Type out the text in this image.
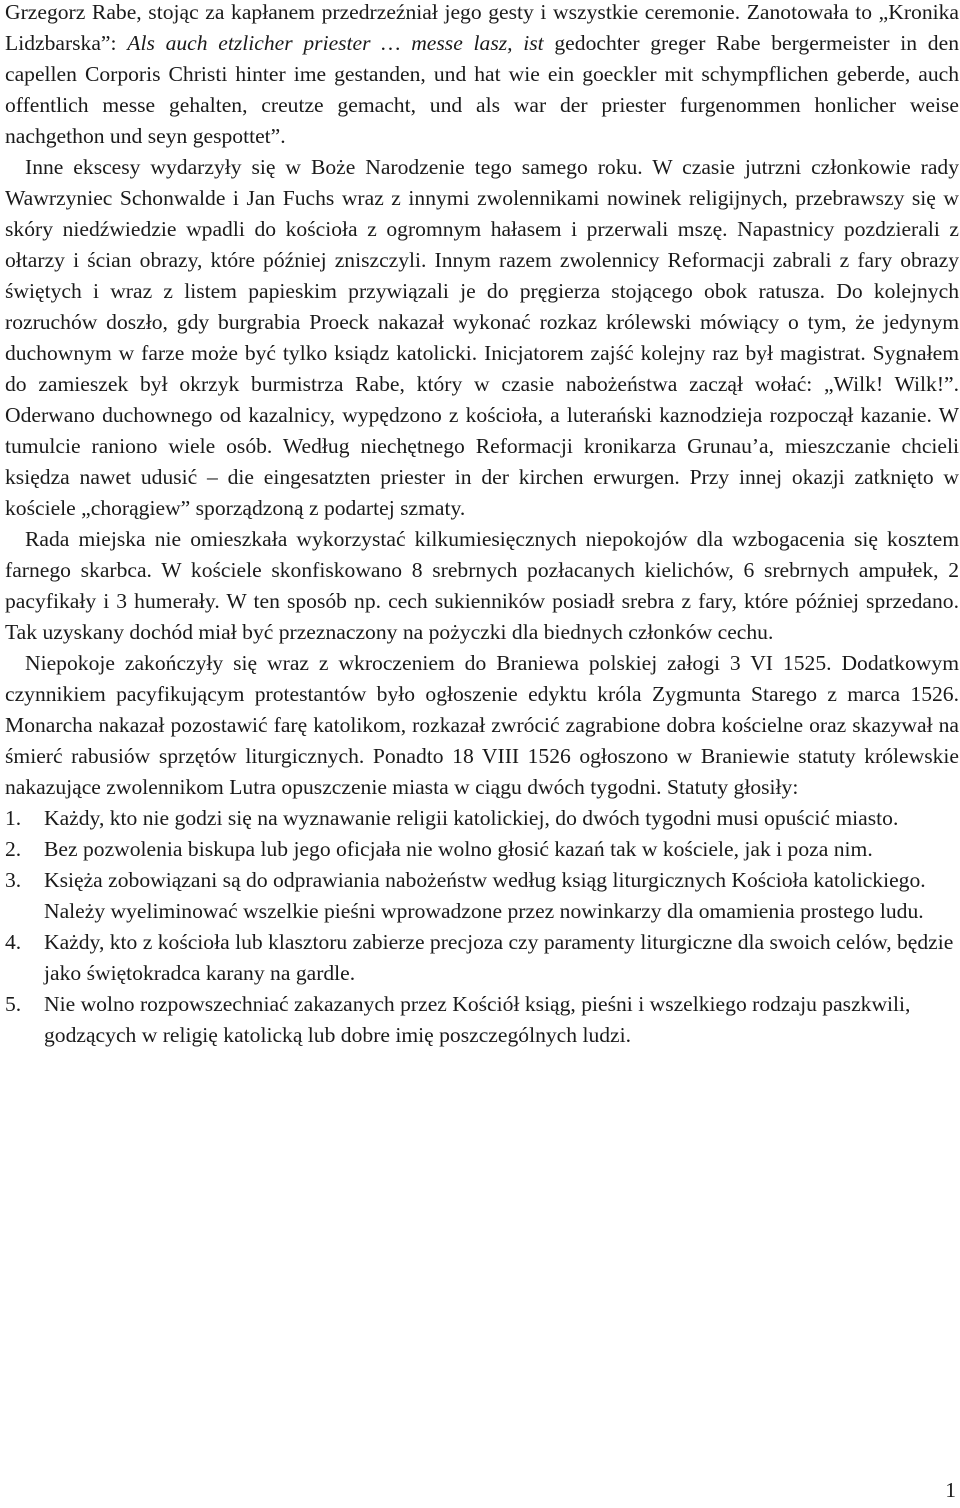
Grzegorz Rabe, stojąc za kapłanem przedrzeźniał jego gesty i wszystkie ceremonie. Zanotowała to „Kronika Lidzbarska”: Als auch etzlicher priester … messe lasz, ist gedochter greger Rabe bergermeister in den capellen Corporis Christi hinter ime gestanden, und hat wie ein goeckler mit schympflichen geberde, auch offentlich messe gehalten, creutze gemacht, und als war der priester furgenommen honlicher weise nachgethon und seyn gespottet”.

Inne ekscesy wydarzyły się w Boże Narodzenie tego samego roku. W czasie jutrzni członkowie rady Wawrzyniec Schonwalde i Jan Fuchs wraz z innymi zwolennikami nowinek religijnych, przebrawszy się w skóry niedźwiedzie wpadli do kościoła z ogromnym hałasem i przerwali mszę. Napastnicy pozdzierali z ołtarzy i ścian obrazy, które później zniszczyli. Innym razem zwolennicy Reformacji zabrali z fary obrazy świętych i wraz z listem papieskim przywiązali je do pręgierza stojącego obok ratusza. Do kolejnych rozruchów doszło, gdy burgrabia Proeck nakazał wykonać rozkaz królewski mówiący o tym, że jedynym duchownym w farze może być tylko ksiądz katolicki. Inicjatorem zajść kolejny raz był magistrat. Sygnałem do zamieszek był okrzyk burmistrza Rabe, który w czasie nabożeństwa zaczął wołać: „Wilk! Wilk!”. Oderwano duchownego od kazalnicy, wypędzono z kościoła, a luterański kaznodzieja rozpoczął kazanie. W tumulcie raniono wiele osób. Według niechętnego Reformacji kronikarza Grunau’a, mieszczanie chcieli księdza nawet udusić – die eingesatzten priester in der kirchen erwurgen. Przy innej okazji zatknięto w kościele „chorągiew” sporządzoną z podartej szmaty.

Rada miejska nie omieszkała wykorzystać kilkumiesięcznych niepokojów dla wzbogacenia się kosztem farnego skarbca. W kościele skonfiskowano 8 srebrnych pozłacanych kielichów, 6 srebrnych ampułek, 2 pacyfikały i 3 humerały. W ten sposób np. cech sukienników posiadł srebra z fary, które później sprzedano. Tak uzyskany dochód miał być przeznaczony na pożyczki dla biednych członków cechu.

Niepokoje zakończyły się wraz z wkroczeniem do Braniewa polskiej załogi 3 VI 1525. Dodatkowym czynnikiem pacyfikującym protestantów było ogłoszenie edyktu króla Zygmunta Starego z marca 1526. Monarcha nakazał pozostawić farę katolikom, rozkazał zwrócić zagrabione dobra kościelne oraz skazywał na śmierć rabusiów sprzętów liturgicznych. Ponadto 18 VIII 1526 ogłoszono w Braniewie statuty królewskie nakazujące zwolennikom Lutra opuszczenie miasta w ciągu dwóch tygodni. Statuty głosiły:

1. Każdy, kto nie godzi się na wyznawanie religii katolickiej, do dwóch tygodni musi opuścić miasto.
2. Bez pozwolenia biskupa lub jego oficjała nie wolno głosić kazań tak w kościele, jak i poza nim.
3. Księża zobowiązani są do odprawiania nabożeństw według ksiąg liturgicznych Kościoła katolickiego. Należy wyeliminować wszelkie pieśni wprowadzone przez nowinkarzy dla omamienia prostego ludu.
4. Każdy, kto z kościoła lub klasztoru zabierze precjoza czy paramenty liturgiczne dla swoich celów, będzie jako świętokradca karany na gardle.
5. Nie wolno rozpowszechniać zakazanych przez Kościół ksiąg, pieśni i wszelkiego rodzaju paszkwili, godzących w religię katolicką lub dobre imię poszczególnych ludzi.
1
